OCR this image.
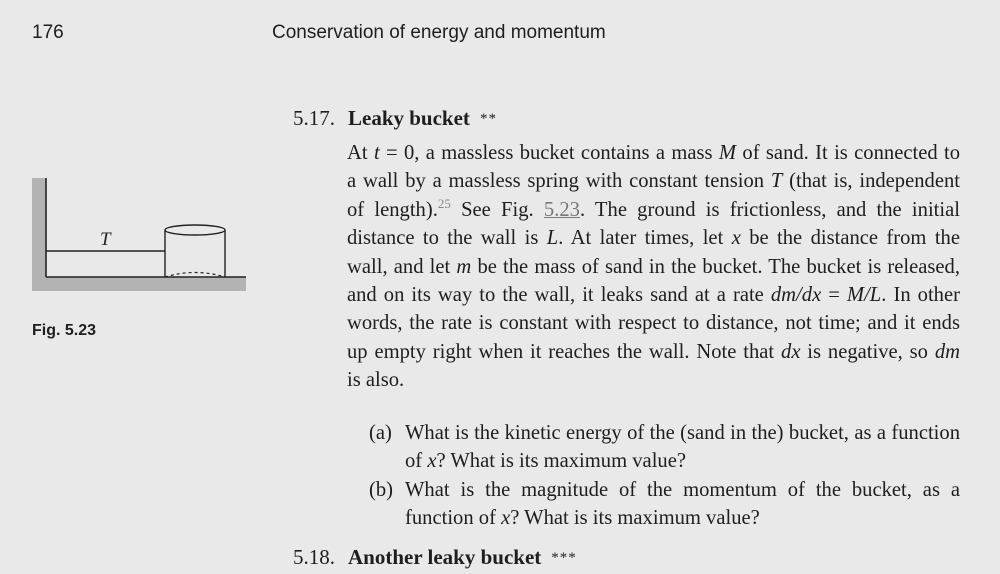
176	Conservation of energy and momentum
T
Fig. 5.23
5.17. Leaky bucket **
At t = 0, a massless bucket contains a mass M of sand. It is connected to
a wall by a massless spring with constant tension T (that is, independent
of length).$^{25}$ See Fig. 5.23. The ground is frictionless, and the initial
distance to the wall is L. At later times, let x be the distance from the
wall, and let m be the mass of sand in the bucket. The bucket is released,
and on its way to the wall, it leaks sand at a rate dm/dx = M/L. In other
words, the rate is constant with respect to distance, not time; and it ends
up empty right when it reaches the wall. Note that dx is negative, so dm
is also.
(a) What is the kinetic energy of the (sand in the) bucket, as a function
of x? What is its maximum value?
(b) What is the magnitude of the momentum of the bucket, as a
function of x? What is its maximum value?
5.18. Another leaky bucket ***
